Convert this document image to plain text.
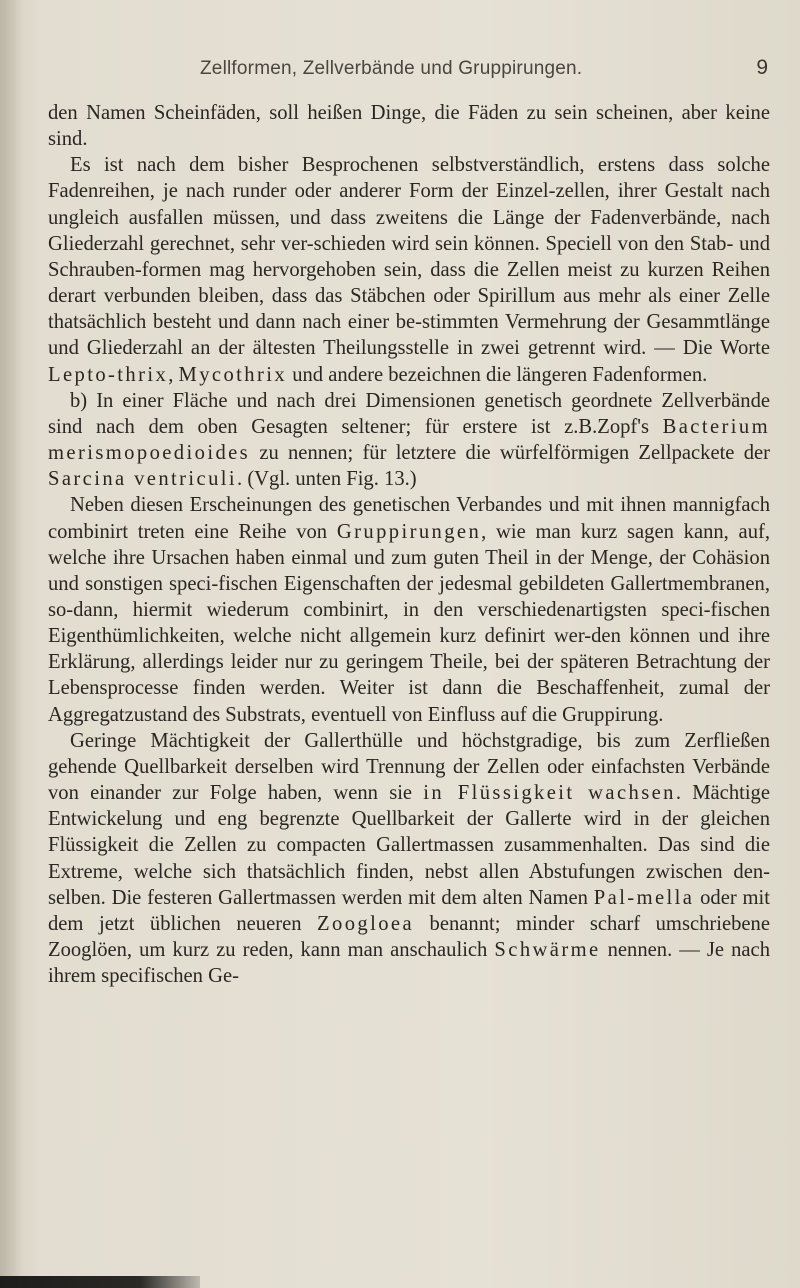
Zellformen, Zellverbände und Gruppirungen.	9

den Namen Scheinfäden, soll heißen Dinge, die Fäden zu sein scheinen, aber keine sind.

Es ist nach dem bisher Besprochenen selbstverständlich, erstens dass solche Fadenreihen, je nach runder oder anderer Form der Einzel-zellen, ihrer Gestalt nach ungleich ausfallen müssen, und dass zweitens die Länge der Fadenverbände, nach Gliederzahl gerechnet, sehr ver-schieden wird sein können. Speciell von den Stab- und Schrauben-formen mag hervorgehoben sein, dass die Zellen meist zu kurzen Reihen derart verbunden bleiben, dass das Stäbchen oder Spirillum aus mehr als einer Zelle thatsächlich besteht und dann nach einer be-stimmten Vermehrung der Gesammtlänge und Gliederzahl an der ältesten Theilungsstelle in zwei getrennt wird. — Die Worte Lepto-thrix, Mycothrix und andere bezeichnen die längeren Fadenformen.

b) In einer Fläche und nach drei Dimensionen genetisch geordnete Zellverbände sind nach dem oben Gesagten seltener; für erstere ist z.B.Zopf's Bacterium merismopoedioides zu nennen; für letztere die würfelförmigen Zellpackete der Sarcina ventriculi. (Vgl. unten Fig. 13.)

Neben diesen Erscheinungen des genetischen Verbandes und mit ihnen mannigfach combinirt treten eine Reihe von Gruppirungen, wie man kurz sagen kann, auf, welche ihre Ursachen haben einmal und zum guten Theil in der Menge, der Cohäsion und sonstigen speci-fischen Eigenschaften der jedesmal gebildeten Gallertmembranen, so-dann, hiermit wiederum combinirt, in den verschiedenartigsten speci-fischen Eigenthümlichkeiten, welche nicht allgemein kurz definirt wer-den können und ihre Erklärung, allerdings leider nur zu geringem Theile, bei der späteren Betrachtung der Lebensprocesse finden werden. Weiter ist dann die Beschaffenheit, zumal der Aggregatzustand des Substrats, eventuell von Einfluss auf die Gruppirung.

Geringe Mächtigkeit der Gallerthülle und höchstgradige, bis zum Zerfließen gehende Quellbarkeit derselben wird Trennung der Zellen oder einfachsten Verbände von einander zur Folge haben, wenn sie in Flüssigkeit wachsen. Mächtige Entwickelung und eng begrenzte Quellbarkeit der Gallerte wird in der gleichen Flüssigkeit die Zellen zu compacten Gallertmassen zusammenhalten. Das sind die Extreme, welche sich thatsächlich finden, nebst allen Abstufungen zwischen den-selben. Die festeren Gallertmassen werden mit dem alten Namen Pal-mella oder mit dem jetzt üblichen neueren Zoogloea benannt; minder scharf umschriebene Zooglöen, um kurz zu reden, kann man anschaulich Schwärme nennen. — Je nach ihrem specifischen Ge-
